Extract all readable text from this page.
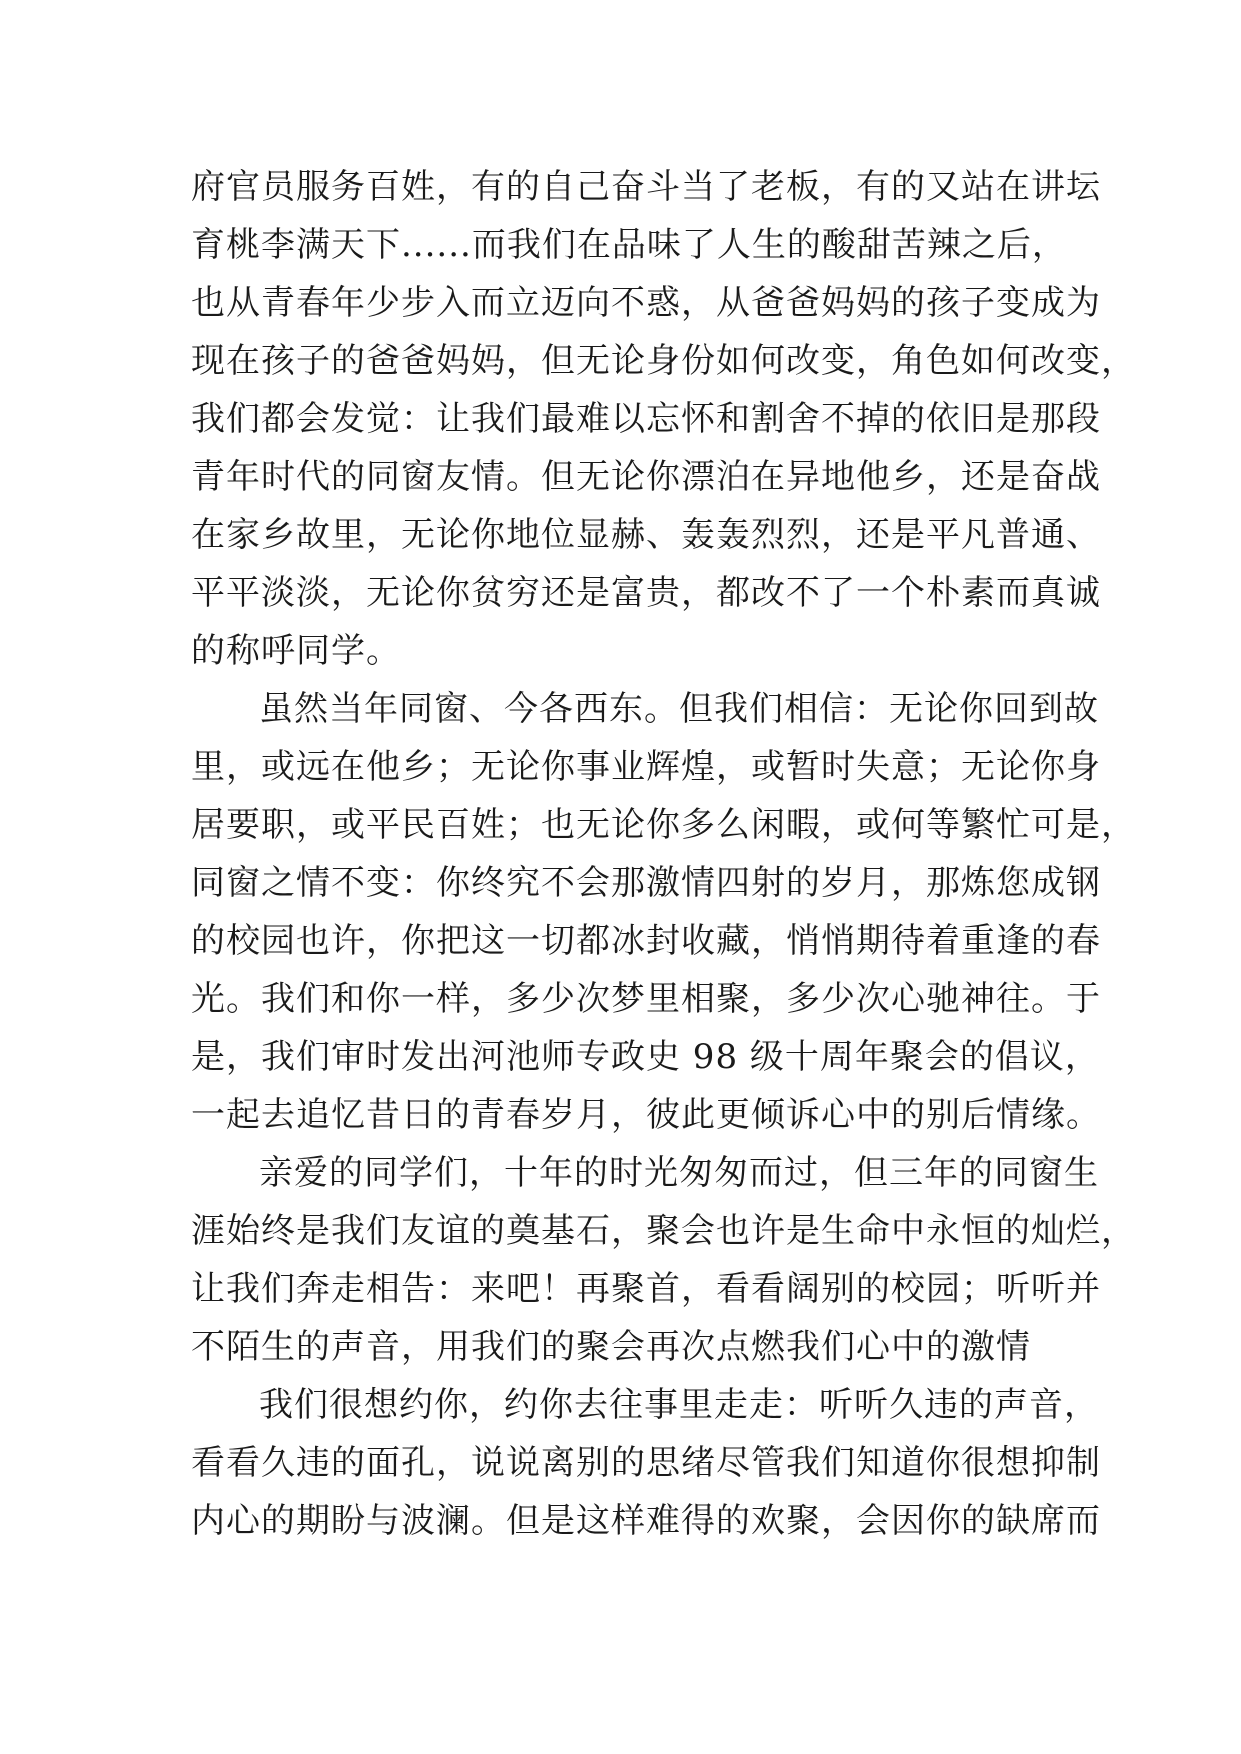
府官员服务百姓，有的自己奋斗当了老板，有的又站在讲坛
育桃李满天下......而我们在品味了人生的酸甜苦辣之后，
也从青春年少步入而立迈向不惑，从爸爸妈妈的孩子变成为
现在孩子的爸爸妈妈，但无论身份如何改变，角色如何改变，
我们都会发觉：让我们最难以忘怀和割舍不掉的依旧是那段
青年时代的同窗友情。但无论你漂泊在异地他乡，还是奋战
在家乡故里，无论你地位显赫、轰轰烈烈，还是平凡普通、
平平淡淡，无论你贫穷还是富贵，都改不了一个朴素而真诚
的称呼同学。
虽然当年同窗、今各西东。但我们相信：无论你回到故
里，或远在他乡；无论你事业辉煌，或暂时失意；无论你身
居要职，或平民百姓；也无论你多么闲暇，或何等繁忙可是，
同窗之情不变：你终究不会那激情四射的岁月，那炼您成钢
的校园也许，你把这一切都冰封收藏，悄悄期待着重逢的春
光。我们和你一样，多少次梦里相聚，多少次心驰神往。于
是，我们审时发出河池师专政史 98 级十周年聚会的倡议，
一起去追忆昔日的青春岁月，彼此更倾诉心中的别后情缘。
亲爱的同学们，十年的时光匆匆而过，但三年的同窗生
涯始终是我们友谊的奠基石，聚会也许是生命中永恒的灿烂，
让我们奔走相告：来吧！再聚首，看看阔别的校园；听听并
不陌生的声音，用我们的聚会再次点燃我们心中的激情
我们很想约你，约你去往事里走走：听听久违的声音，
看看久违的面孔，说说离别的思绪尽管我们知道你很想抑制
内心的期盼与波澜。但是这样难得的欢聚，会因你的缺席而
